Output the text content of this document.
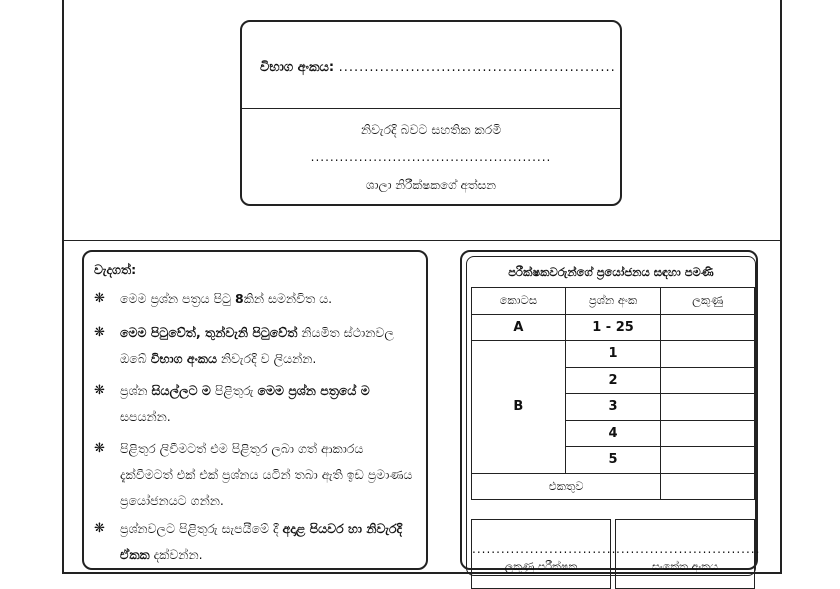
විභාග අංකය: ......................................................
නිවැරදි බවට සහතික කරමි
..................................................
ශාලා නිරීක්ෂකගේ අත්සන
වැදගත්:
❋ මෙම ප්‍රශ්න පත්‍රය පිටු 8කින් සමන්විත ය.
❋ මෙම පිටුවේත්, තුන්වැනි පිටුවේත් නියමිත ස්ථානවල ඔබේ විභාග අංකය නිවැරදි ව ලියන්න.
❋ ප්‍රශ්න සියල්ලට ම පිළිතුරු මෙම ප්‍රශ්න පත්‍රයේ ම සපයන්න.
❋ පිළිතුර ලිවීමටත් එම පිළිතුර ලබා ගත් ආකාරය දැක්වීමටත් එක් එක් ප්‍රශ්නය යටින් තබා ඇති ඉඩ ප්‍රමාණය ප්‍රයෝජනයට ගන්න.
❋ ප්‍රශ්නවලට පිළිතුරු සැපයීමේ දී අදාළ පියවර හා නිවැරදි ඒකක දක්වන්න.
පරීක්ෂකවරුන්ගේ ප්‍රයෝජනය සඳහා පමණි
කොටස	ප්‍රශ්න අංක	ලකුණු
A	1 - 25	
B	1	
	2	
	3	
	4	
	5	
එකතුව		
..............................
ලකුණු පරීක්ෂක
..............................
සංකේත අංකය
